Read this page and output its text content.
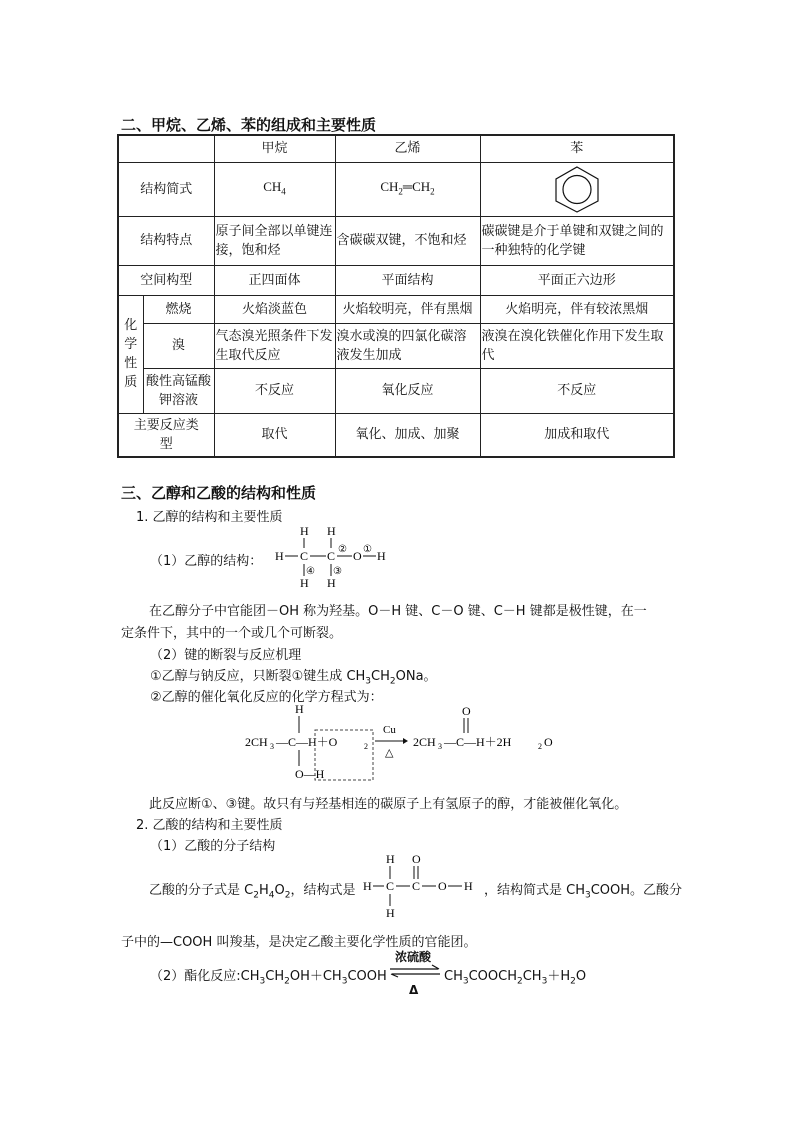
二、甲烷、乙烯、苯的组成和主要性质
		甲烷	乙烯	苯
结构简式		$CH_4$	$CH_2═CH_2$	

结构特点		原子间全部以单键连接，饱和烃	含碳碳双键，不饱和烃	碳碳键是介于单键和双键之间的一种独特的化学键
空间构型		正四面体	平面结构	平面正六边形

化
学
性
质	燃烧	火焰淡蓝色	火焰较明亮，伴有黑烟	火焰明亮，伴有较浓黑烟
	溴	气态溴光照条件下发生取代反应	溴水或溴的四氯化碳溶液发生加成	液溴在溴化铁催化作用下发生取代
	酸性高锰酸钾溶液	不反应	氧化反应	不反应
主要反应类型		取代	氧化、加成、加聚	加成和取代
三、乙醇和乙酸的结构和性质
1. 乙醇的结构和主要性质
（1）乙醇的结构：
H H
H C C ② O ① H
④ ③
H H
在乙醇分子中官能团－OH 称为羟基。O－H 键、C－O 键、C－H 键都是极性键，在一
定条件下，其中的一个或几个可断裂。
（2）键的断裂与反应机理
①乙醇与钠反应，只断裂①键生成 $CH_3CH_2ONa$。
②乙醇的催化氧化反应的化学方程式为：
H
2CH 3 —C—H＋O	2
O—H
Cu
△
O
2CH 3 —C—H＋2H	2 O
此反应断①、③键。故只有与羟基相连的碳原子上有氢原子的醇，才能被催化氧化。
2. 乙酸的结构和主要性质
（1）乙酸的分子结构
乙酸的分子式是 $C_2H_4O_2$，结构式是
H O
H C C O H
H
，结构简式是 $CH_3COOH$。乙酸分
子中的—COOH 叫羧基，是决定乙酸主要化学性质的官能团。
（2）酯化反应$:CH_3CH_2OH+CH_3COOH$
浓硫酸
Δ
$CH_3COOCH_2CH_3+H_2O$
